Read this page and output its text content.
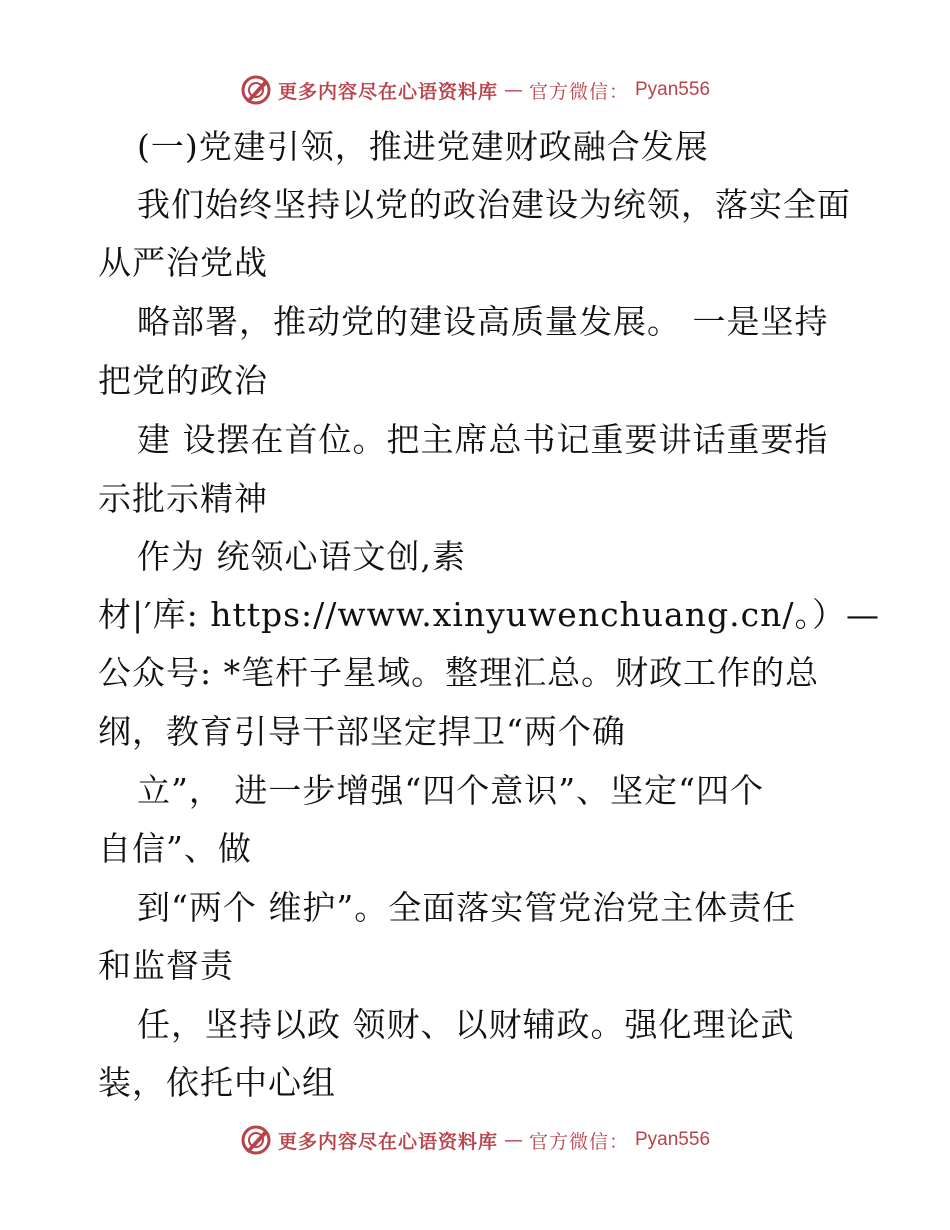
更多内容尽在心语资料库 — 官方微信： Pyan556
(一)党建引领，推进党建财政融合发展
我们始终坚持以党的政治建设为统领，落实全面
从严治党战
略部署，推动党的建设高质量发展。 一是坚持
把党的政治
建 设摆在首位。把主席总书记重要讲话重要指
示批示精神
作为 统领心语文创,素
材|′库: https://www.xinyuwenchuang.cn/。）—
公众号: *笔杆子星域。整理汇总。财政工作的总
纲，教育引导干部坚定捍卫“两个确
立”， 进一步增强“四个意识”、坚定“四个
自信”、做
到“两个 维护”。全面落实管党治党主体责任
和监督责
任，坚持以政 领财、以财辅政。强化理论武
装，依托中心组
更多内容尽在心语资料库 — 官方微信： Pyan556
